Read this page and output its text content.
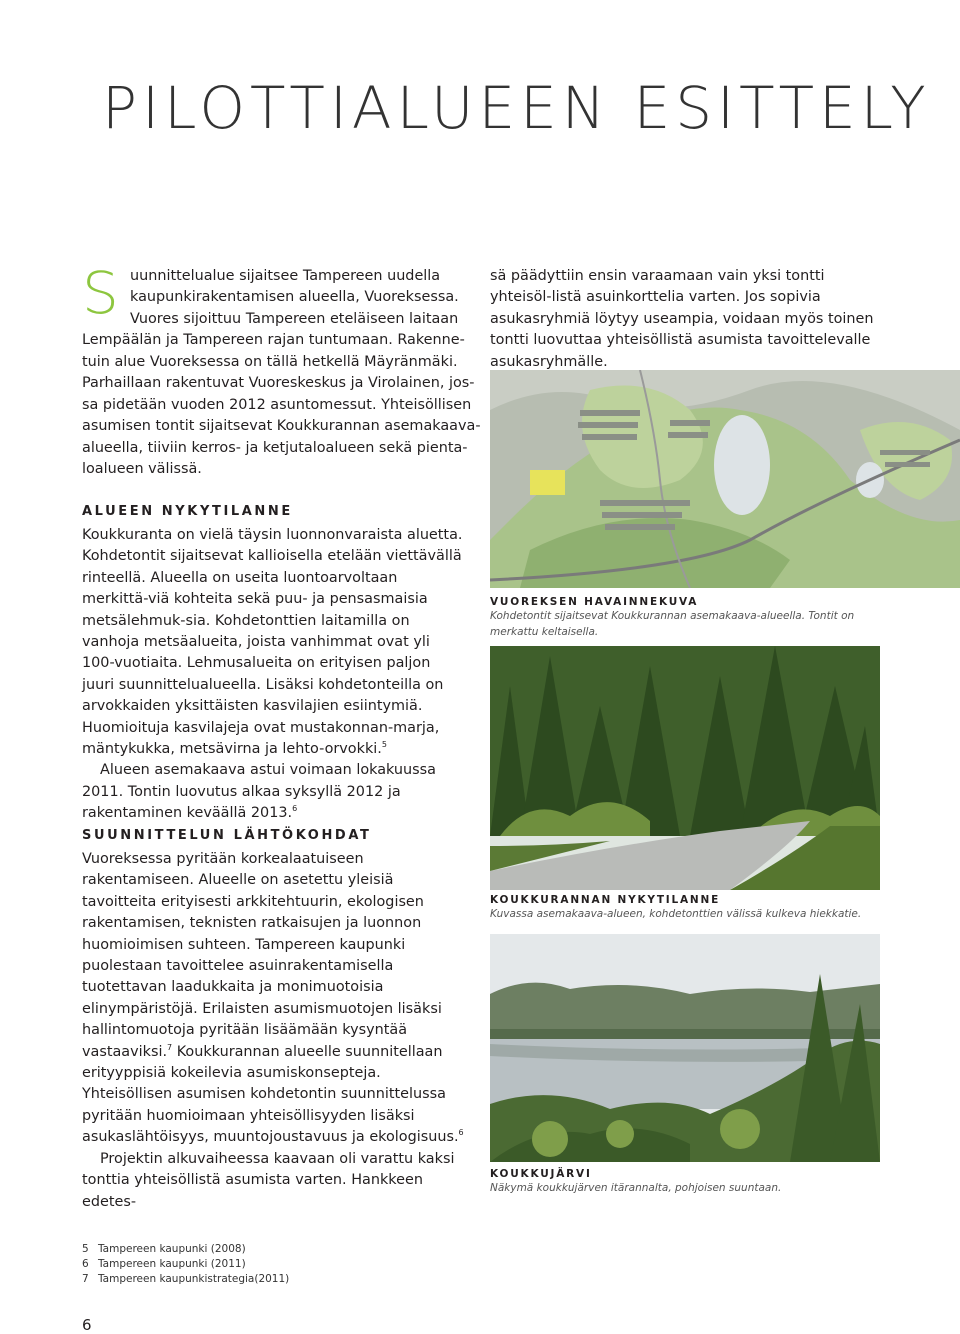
PILOTTIALUEEN ESITTELY
S uunnittelualue sijaitsee Tampereen uudella
kaupunkirakentamisen alueella, Vuoreksessa.
Vuores sijoittuu Tampereen eteläiseen laitaan
Lempäälän ja Tampereen rajan tuntumaan. Rakenne-
tuin alue Vuoreksessa on tällä hetkellä Mäyränmäki.
Parhaillaan rakentuvat Vuoreskeskus ja Virolainen, jos-
sa pidetään vuoden 2012 asuntomessut. Yhteisöllisen
asumisen tontit sijaitsevat Koukkurannan asemakaava-
alueella, tiiviin kerros- ja ketjutaloalueen sekä pienta-
loalueen välissä.
ALUEEN NYKYTILANNE

Koukkuranta on vielä täysin luonnonvaraista aluetta. Kohdetontit sijaitsevat kallioisella etelään viettävällä rinteellä. Alueella on useita luontoarvoltaan merkittä-viä kohteita sekä puu- ja pensasmaisia metsälehmuk-sia. Kohdetonttien laitamilla on vanhoja metsäalueita, joista vanhimmat ovat yli 100-vuotiaita. Lehmusalueita on erityisen paljon juuri suunnittelualueella. Lisäksi kohdetonteilla on arvokkaiden yksittäisten kasvilajien esiintymiä. Huomioituja kasvilajeja ovat mustakonnan-marja, mäntykukka, metsävirna ja lehto-orvokki.$^5$

Alueen asemakaava astui voimaan lokakuussa 2011. Tontin luovutus alkaa syksyllä 2012 ja rakentaminen keväällä 2013.$^6$

SUUNNITTELUN LÄHTÖKOHDAT

Vuoreksessa pyritään korkealaatuiseen rakentamiseen. Alueelle on asetettu yleisiä tavoitteita erityisesti arkkitehtuurin, ekologisen rakentamisen, teknisten ratkaisujen ja luonnon huomioimisen suhteen. Tampereen kaupunki puolestaan tavoittelee asuinrakentamisella tuotettavan laadukkaita ja monimuotoisia elinympäristöjä. Erilaisten asumismuotojen lisäksi hallintomuotoja pyritään lisäämään kysyntää vastaaviksi.$^7$ Koukkurannan alueelle suunnitellaan erityyppisiä kokeilevia asumiskonsepteja. Yhteisöllisen asumisen kohdetontin suunnittelussa pyritään huomioimaan yhteisöllisyyden lisäksi asukaslähtöisyys, muuntojoustavuus ja ekologisuus.$^6$

Projektin alkuvaiheessa kaavaan oli varattu kaksi tonttia yhteisöllistä asumista varten. Hankkeen edetes-

sä päädyttiin ensin varaamaan vain yksi tontti yhteisöl-listä asuinkorttelia varten. Jos sopivia asukasryhmiä löytyy useampia, voidaan myös toinen tontti luovuttaa yhteisöllistä asumista tavoittelevalle asukasryhmälle.
VUOREKSEN HAVAINNEKUVA
Kohdetontit sijaitsevat Koukkurannan asemakaava-alueella. Tontit on merkattu keltaisella.
KOUKKURANNAN NYKYTILANNE
Kuvassa asemakaava-alueen, kohdetonttien välissä kulkeva hiekkatie.
KOUKKUJÄRVI
Näkymä koukkujärven itärannalta, pohjoisen suuntaan.
5 Tampereen kaupunki (2008)
6 Tampereen kaupunki (2011)
7 Tampereen kaupunkistrategia(2011)
6
